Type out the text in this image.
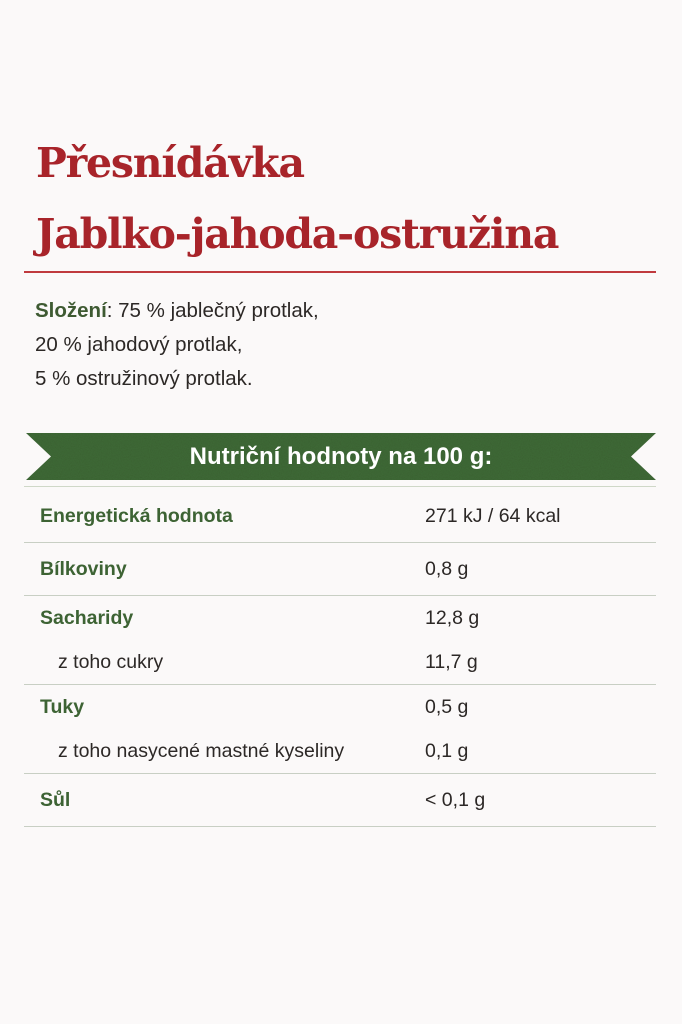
Přesnídávka
Jablko-jahoda-ostružina
Složení: 75 % jablečný protlak,
20 % jahodový protlak,
5 % ostružinový protlak.
Nutriční hodnoty na 100 g:
Energetická hodnota	271 kJ / 64 kcal
Bílkoviny	0,8 g
Sacharidy	12,8 g
z toho cukry	11,7 g
Tuky	0,5 g
z toho nasycené mastné kyseliny	0,1 g
Sůl	< 0,1 g
